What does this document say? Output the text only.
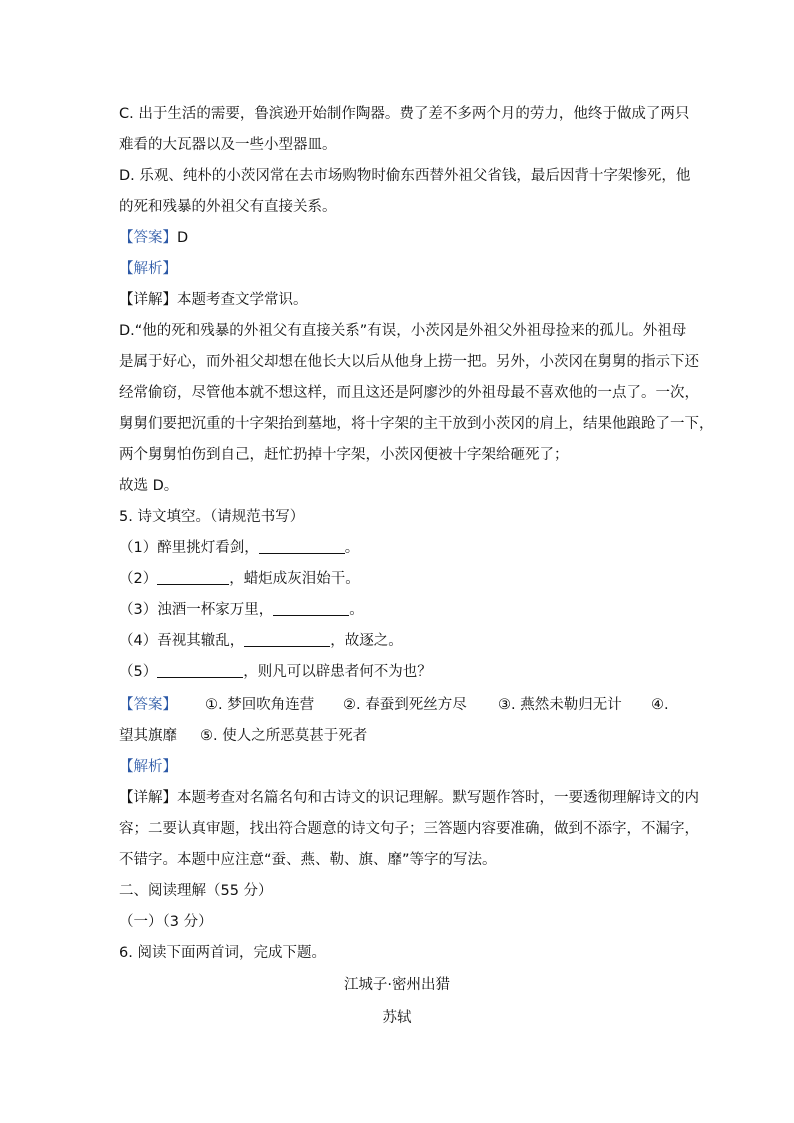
C. 出于生活的需要，鲁滨逊开始制作陶器。费了差不多两个月的劳力，他终于做成了两只
难看的大瓦器以及一些小型器皿。
D. 乐观、纯朴的小茨冈常在去市场购物时偷东西替外祖父省钱，最后因背十字架惨死，他
的死和残暴的外祖父有直接关系。
【答案】D
【解析】
【详解】本题考查文学常识。
D.“他的死和残暴的外祖父有直接关系”有误，小茨冈是外祖父外祖母捡来的孤儿。外祖母
是属于好心，而外祖父却想在他长大以后从他身上捞一把。另外，小茨冈在舅舅的指示下还
经常偷窃，尽管他本就不想这样，而且这还是阿廖沙的外祖母最不喜欢他的一点了。一次，
舅舅们要把沉重的十字架抬到墓地，将十字架的主干放到小茨冈的肩上，结果他踉跄了一下，
两个舅舅怕伤到自己，赶忙扔掉十字架，小茨冈便被十字架给砸死了；
故选 D。
5. 诗文填空。（请规范书写）
（1）醉里挑灯看剑，	。
（2）	，蜡炬成灰泪始干。
（3）浊酒一杯家万里，	。
（4）吾视其辙乱，	，故逐之。
（5）	，则凡可以辟患者何不为也？
【答案】 ①. 梦回吹角连营 ②. 春蚕到死丝方尽 ③. 燕然未勒归无计 ④.
望其旗靡     ⑤. 使人之所恶莫甚于死者
【解析】
【详解】本题考查对名篇名句和古诗文的识记理解。默写题作答时，一要透彻理解诗文的内
容；二要认真审题，找出符合题意的诗文句子；三答题内容要准确，做到不添字，不漏字，
不错字。本题中应注意“蚕、燕、勒、旗、靡”等字的写法。
二、阅读理解（55 分）
（一）（3 分）
6. 阅读下面两首词，完成下题。
江城子·密州出猎
苏轼
